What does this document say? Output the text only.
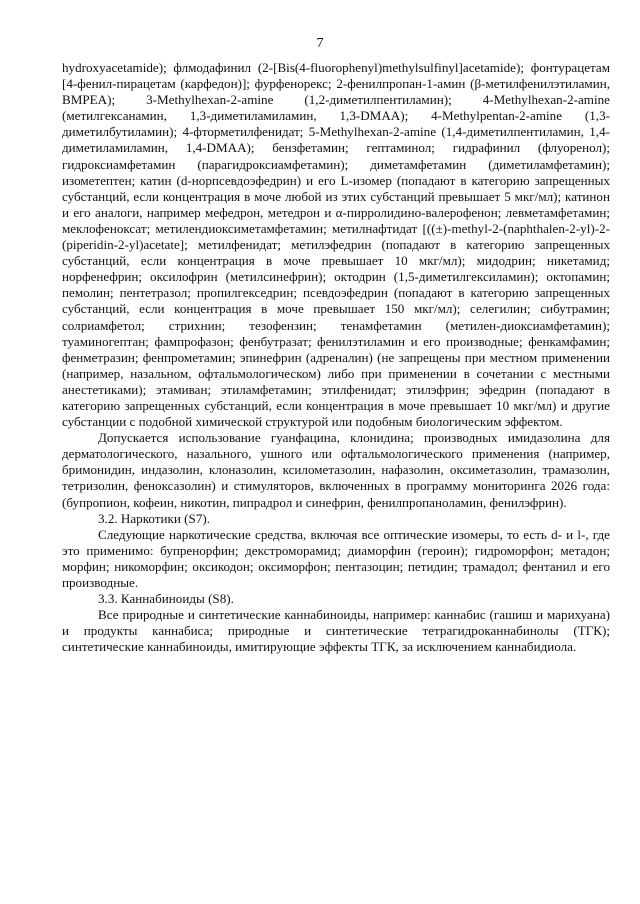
7

hydroxyacetamide); флмодафинил (2-[Bis(4-fluorophenyl)methylsulfinyl]acetamide); фонтурацетам [4-фенил-пирацетам (карфедон)]; фурфенорекс; 2-фенилпропан-1-амин (β-метилфенилэтиламин, BMPEA); 3-Methylhexan-2-amine (1,2-диметилпентиламин); 4-Methylhexan-2-amine (метилгексанамин, 1,3-диметиламиламин, 1,3-DMAA); 4-Methylpentan-2-amine (1,3-диметилбутиламин); 4-фторметилфенидат; 5-Methylhexan-2-amine (1,4-диметилпентиламин, 1,4-диметиламиламин, 1,4-DMAA); бензфетамин; гептаминол; гидрафинил (флуоренол); гидроксиамфетамин (парагидроксиамфетамин); диметамфетамин (диметиламфетамин); изометептен; катин (d-норпсевдоэфедрин) и его L-изомер (попадают в категорию запрещенных субстанций, если концентрация в моче любой из этих субстанций превышает 5 мкг/мл); катинон и его аналоги, например мефедрон, метедрон и α-пирролидино-валерофенон; левметамфетамин; меклофеноксат; метилендиоксиметамфетамин; метилнафтидат [((±)-methyl-2-(naphthalen-2-yl)-2-(piperidin-2-yl)acetate]; метилфенидат; метилэфедрин (попадают в категорию запрещенных субстанций, если концентрация в моче превышает 10 мкг/мл); мидодрин; никетамид; норфенефрин; оксилофрин (метилсинефрин); октодрин (1,5-диметилгексиламин); октопамин; пемолин; пентетразол; пропилгекседрин; псевдоэфедрин (попадают в категорию запрещенных субстанций, если концентрация в моче превышает 150 мкг/мл); селегилин; сибутрамин; солриамфетол; стрихнин; тезофензин; тенамфетамин (метилен-диоксиамфетамин); туаминогептан; фампрофазон; фенбутразат; фенилэтиламин и его производные; фенкамфамин; фенметразин; фенпрометамин; эпинефрин (адреналин) (не запрещены при местном применении (например, назальном, офтальмологическом) либо при применении в сочетании с местными анестетиками); этамиван; этиламфетамин; этилфенидат; этилэфрин; эфедрин (попадают в категорию запрещенных субстанций, если концентрация в моче превышает 10 мкг/мл) и другие субстанции с подобной химической структурой или подобным биологическим эффектом.

Допускается использование гуанфацина, клонидина; производных имидазолина для дерматологического, назального, ушного или офтальмологического применения (например, бримонидин, индазолин, клоназолин, ксилометазолин, нафазолин, оксиметазолин, трамазолин, тетризолин, феноксазолин) и стимуляторов, включенных в программу мониторинга 2026 года: (бупропион, кофеин, никотин, пипрадрол и синефрин, фенилпропаноламин, фенилэфрин).

3.2. Наркотики (S7).

Следующие наркотические средства, включая все оптические изомеры, то есть d- и l-, где это применимо: бупренорфин; декстроморамид; диаморфин (героин); гидроморфон; метадон; морфин; никоморфин; оксикодон; оксиморфон; пентазоцин; петидин; трамадол; фентанил и его производные.

3.3. Каннабиноиды (S8).

Все природные и синтетические каннабиноиды, например: каннабис (гашиш и марихуана) и продукты каннабиса; природные и синтетические тетрагидроканнабинолы (ТГК); синтетические каннабиноиды, имитирующие эффекты ТГК, за исключением каннабидиола.
